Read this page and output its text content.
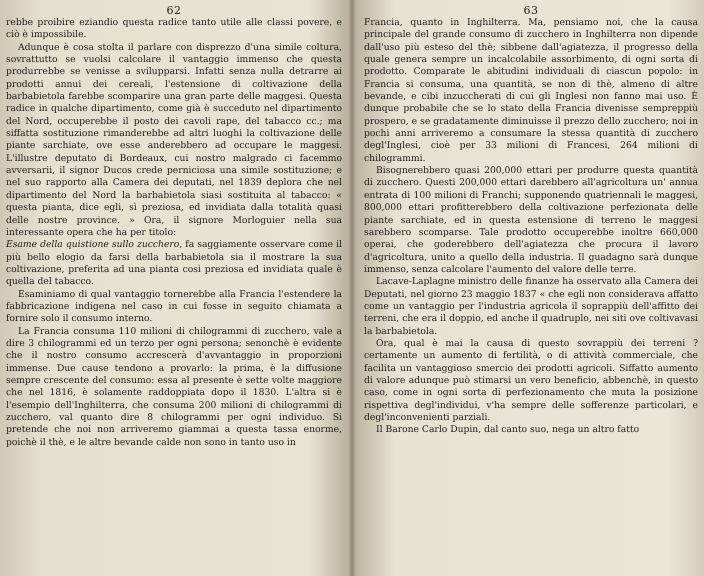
62

rebbe proibire eziandio questa radice tanto utile alle classi povere, e ciò è impossibile.

Adunque è cosa stolta il parlare con disprezzo d'una simile coltura, sovrattutto se vuolsi calcolare il vantaggio immenso che questa produrrebbe se venisse a svilupparsi. Infatti senza nulla detrarre ai prodotti annui dei cereali, l'estensione di coltivazione della barbabietola farebbe scomparire una gran parte delle maggesi. Questa radice in qualche dipartimento, come già è succeduto nel dipartimento del Nord, occuperebbe il posto dei cavoli rape, del tabacco cc.; ma siffatta sostituzione rimanderebbe ad altri luoghi la coltivazione delle piante sarchiate, ove esse anderebbero ad occupare le maggesi. L'illustre deputato di Bordeaux, cui nostro malgrado ci facemmo avversarii, il signor Ducos crede perniciosa una simile sostituzione; e nel suo rapporto alla Camera dei deputati, nel 1839 deplora che nel dipartimento del Nord la barbabietola siasi sostituita al tabacco: « questa pianta, dice egli, sì preziosa, ed invidiata dalla totalità quasi delle nostre province. » Ora, il signore Morloguier nella sua interessante opera che ha per titolo:

Esame della quistione sullo zucchero, fa saggiamente osservare come il più bello elogio da farsi della barbabietola sia il mostrare la sua coltivazione, preferita ad una pianta così preziosa ed invidiata quale è quella del tabacco.

Esaminiamo di qual vantaggio tornerebbe alla Francia l'estendere la fabbricazione indigena nel caso in cui fosse in seguito chiamata a fornire solo il consumo interno.

La Francia consuma 110 milioni di chilogrammi di zucchero, vale a dire 3 chilogrammi ed un terzo per ogni persona; senonchè è evidente che il nostro consumo accrescerà d'avvantaggio in proporzioni immense. Due cause tendono a provarlo: la prima, è la diffusione sempre crescente del consumo: essa al presente è sette volte maggiore che nel 1816, è solamente raddoppiata dopo il 1830. L'altra si è l'esempio dell'Inghilterra, che consuma 200 milioni di chilogrammi di zucchero, val quanto dire 8 chilogrammi per ogni individuo. Si pretende che noi non arriveremo giammai a questa tassa enorme, poichè il thè, e le altre bevande calde non sono in tanto uso in

63

Francia, quanto in Inghilterra. Ma, pensiamo noi, che la causa principale del grande consumo di zucchero in Inghilterra non dipende dall'uso più esteso del thè; sibbene dall'agiatezza, il progresso della quale genera sempre un incalcolabile assorbimento, di ogni sorta di prodotto. Comparate le abitudini individuali di ciascun popolo: in Francia si consuma, una quantità, se non di thè, almeno di altre bevande, e cibi inzuccherati di cui gli Inglesi non fanno mai uso. È dunque probabile che se lo stato della Francia divenisse sempreppiù prospero, e se gradatamente diminuisse il prezzo dello zucchero; noi in pochi anni arriveremo a consumare la stessa quantità di zucchero degl'Inglesi, cioè per 33 milioni di Francesi, 264 milioni di chilogrammi.

Bisognerebbero quasi 200,000 ettari per produrre questa quantità di zucchero. Questi 200,000 ettari darebbero all'agricoltura un' annua entrata di 100 milioni di Franchi; supponendo quatriennali le maggesi, 800,000 ettari profitterebbero della coltivazione perfezionata delle piante sarchiate, ed in questa estensione di terreno le maggesi sarebbero scomparse. Tale prodotto occuperebbe inoltre 660,000 operai, che goderebbero dell'agiatezza che procura il lavoro d'agricoltura, unito a quello della industria. Il guadagno sarà dunque immenso, senza calcolare l'aumento del valore delle terre.

Lacave-Laplagne ministro delle finanze ha osservato alla Camera dei Deputati, nel giorno 23 maggio 1837 « che egli non considerava affatto come un vantaggio per l'industria agricola il soprappiù dell'affitto dei terreni, che era il doppio, ed anche il quadruplo, nei siti ove coltivavasi la barbabietola.

Ora, qual è mai la causa di questo sovrappiù dei terreni ? certamente un aumento di fertilità, o di attività commerciale, che facilita un vantaggioso smercio dei prodotti agricoli. Siffatto aumento di valore adunque può stimarsi un vero beneficio, abbenchè, in questo caso, come in ogni sorta di perfezionamento che muta la posizione rispettiva degl'individui, v'ha sempre delle sofferenze particolari, e degl'inconvenienti parziali.

Il Barone Carlo Dupin, dal canto suo, nega un altro fatto
